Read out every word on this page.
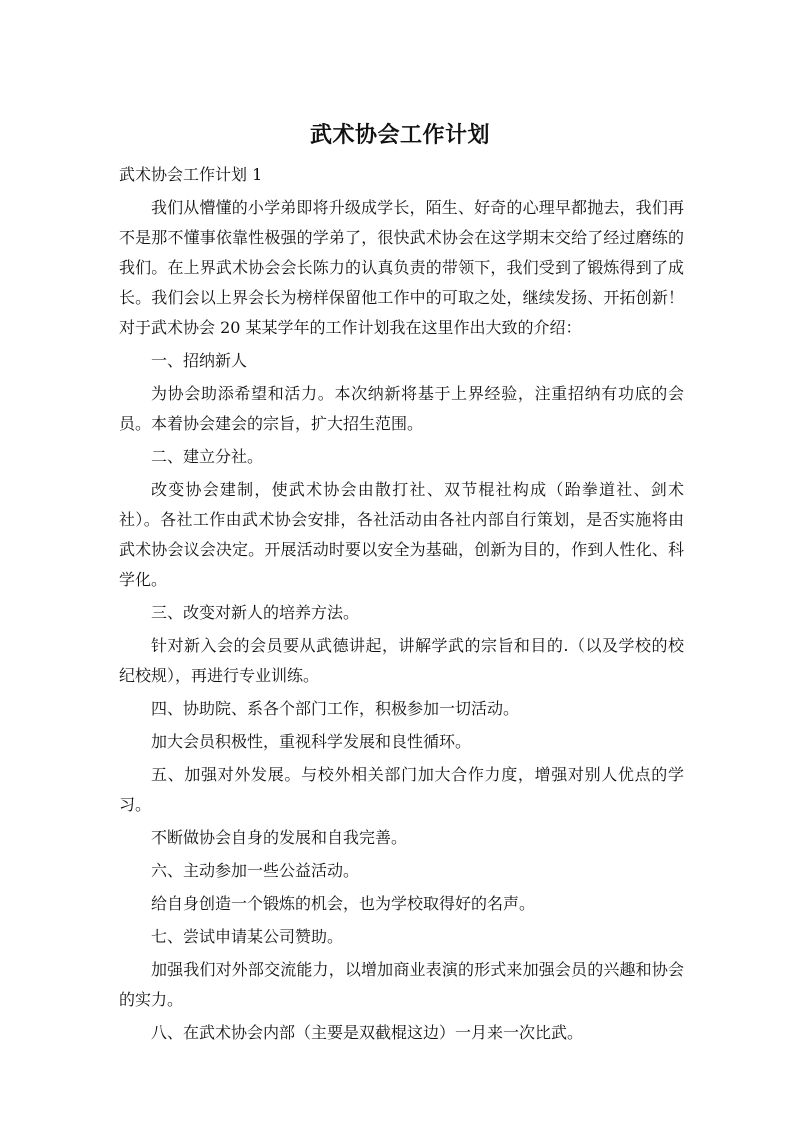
武术协会工作计划

武术协会工作计划 1

我们从懵懂的小学弟即将升级成学长，陌生、好奇的心理早都抛去，我们再不是那不懂事依靠性极强的学弟了，很快武术协会在这学期末交给了经过磨练的我们。在上界武术协会会长陈力的认真负责的带领下，我们受到了锻炼得到了成长。我们会以上界会长为榜样保留他工作中的可取之处，继续发扬、开拓创新！对于武术协会 20 某某学年的工作计划我在这里作出大致的介绍：

一、招纳新人

为协会助添希望和活力。本次纳新将基于上界经验，注重招纳有功底的会员。本着协会建会的宗旨，扩大招生范围。

二、建立分社。

改变协会建制，使武术协会由散打社、双节棍社构成（跆拳道社、剑术社）。各社工作由武术协会安排，各社活动由各社内部自行策划，是否实施将由武术协会议会决定。开展活动时要以安全为基础，创新为目的，作到人性化、科学化。

三、改变对新人的培养方法。

针对新入会的会员要从武德讲起，讲解学武的宗旨和目的.（以及学校的校纪校规），再进行专业训练。

四、协助院、系各个部门工作，积极参加一切活动。

加大会员积极性，重视科学发展和良性循环。

五、加强对外发展。与校外相关部门加大合作力度，增强对别人优点的学习。

不断做协会自身的发展和自我完善。

六、主动参加一些公益活动。

给自身创造一个锻炼的机会，也为学校取得好的名声。

七、尝试申请某公司赞助。

加强我们对外部交流能力，以增加商业表演的形式来加强会员的兴趣和协会的实力。

八、在武术协会内部（主要是双截棍这边）一月来一次比武。
